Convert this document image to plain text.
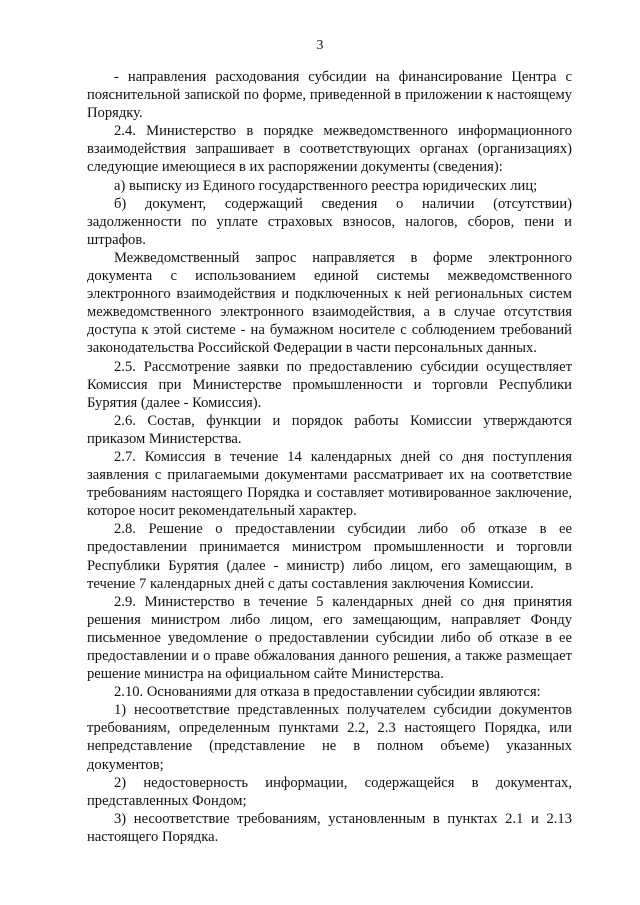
3

- направления расходования субсидии на финансирование Центра с пояснительной запиской по форме, приведенной в приложении к настоящему Порядку.

2.4. Министерство в порядке межведомственного информационного взаимодействия запрашивает в соответствующих органах (организациях) следующие имеющиеся в их распоряжении документы (сведения):

а) выписку из Единого государственного реестра юридических лиц;

б) документ, содержащий сведения о наличии (отсутствии) задолженности по уплате страховых взносов, налогов, сборов, пени и штрафов.

Межведомственный запрос направляется в форме электронного документа с использованием единой системы межведомственного электронного взаимодействия и подключенных к ней региональных систем межведомственного электронного взаимодействия, а в случае отсутствия доступа к этой системе - на бумажном носителе с соблюдением требований законодательства Российской Федерации в части персональных данных.

2.5. Рассмотрение заявки по предоставлению субсидии осуществляет Комиссия при Министерстве промышленности и торговли Республики Бурятия (далее - Комиссия).

2.6. Состав, функции и порядок работы Комиссии утверждаются приказом Министерства.

2.7. Комиссия в течение 14 календарных дней со дня поступления заявления с прилагаемыми документами рассматривает их на соответствие требованиям настоящего Порядка и составляет мотивированное заключение, которое носит рекомендательный характер.

2.8. Решение о предоставлении субсидии либо об отказе в ее предоставлении принимается министром промышленности и торговли Республики Бурятия (далее - министр) либо лицом, его замещающим, в течение 7 календарных дней с даты составления заключения Комиссии.

2.9. Министерство в течение 5 календарных дней со дня принятия решения министром либо лицом, его замещающим, направляет Фонду письменное уведомление о предоставлении субсидии либо об отказе в ее предоставлении и о праве обжалования данного решения, а также размещает решение министра на официальном сайте Министерства.

2.10. Основаниями для отказа в предоставлении субсидии являются:

1) несоответствие представленных получателем субсидии документов требованиям, определенным пунктами 2.2, 2.3 настоящего Порядка, или непредставление (представление не в полном объеме) указанных документов;

2) недостоверность информации, содержащейся в документах, представленных Фондом;

3) несоответствие требованиям, установленным в пунктах 2.1 и 2.13 настоящего Порядка.
